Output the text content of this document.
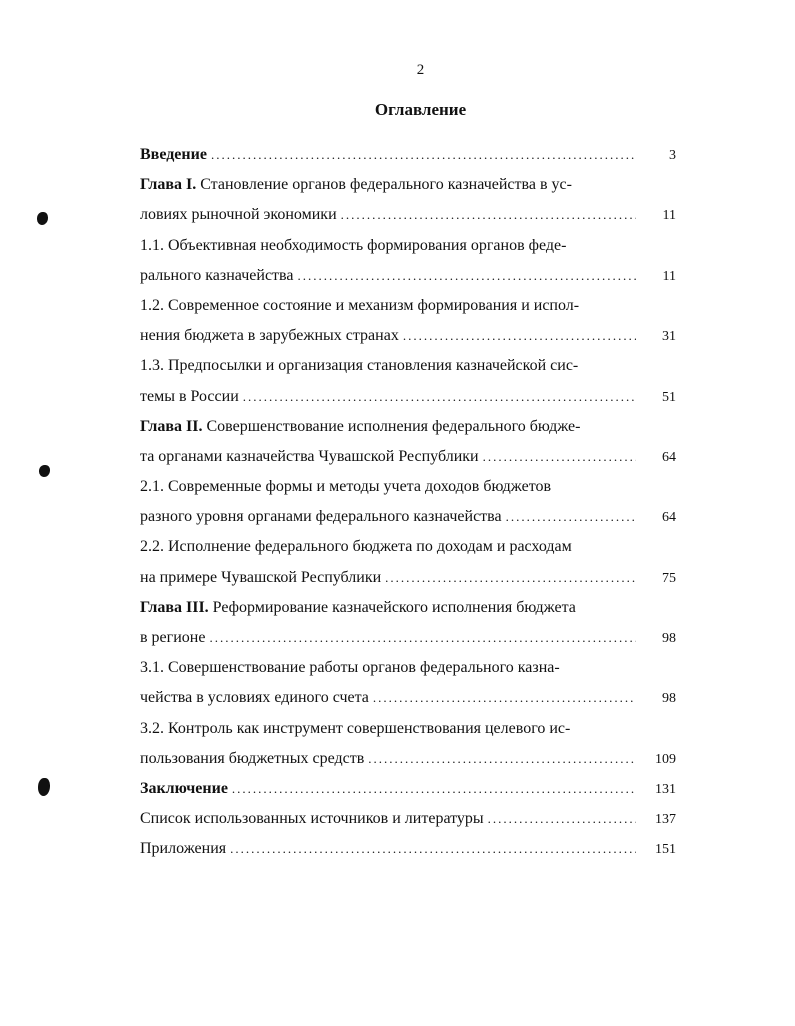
2
Оглавление
Введение .....	3
Глава I. Становление органов федерального казначейства в ус-
ловиях рыночной экономики .....	11
1.1. Объективная необходимость формирования органов феде-
рального казначейства .....	11
1.2. Современное состояние и механизм формирования и испол-
нения бюджета в зарубежных странах .....	31
1.3. Предпосылки и организация становления казначейской сис-
темы в России .....	51
Глава II. Совершенствование исполнения федерального бюдже-
та органами казначейства Чувашской Республики .....	64
2.1. Современные формы и методы учета доходов бюджетов
разного уровня органами федерального казначейства .....	64
2.2. Исполнение федерального бюджета по доходам и расходам
на примере Чувашской Республики .....	75
Глава III. Реформирование казначейского исполнения бюджета
в регионе .....	98
3.1. Совершенствование работы органов федерального казна-
чейства в условиях единого счета .....	98
3.2. Контроль как инструмент совершенствования целевого ис-
пользования бюджетных средств .....	109
Заключение .....	131
Список использованных источников и литературы .....	137
Приложения .....	151
